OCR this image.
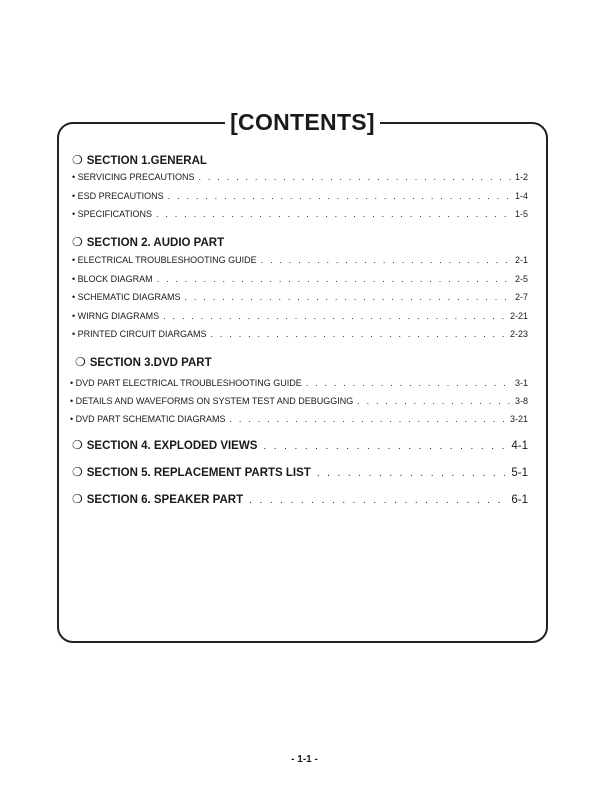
[CONTENTS]
❍ SECTION 1.GENERAL
• SERVICING PRECAUTIONS . . .	1-2
• ESD PRECAUTIONS . . .	1-4
• SPECIFICATIONS . . .	1-5
❍ SECTION 2. AUDIO PART
• ELECTRICAL TROUBLESHOOTING GUIDE . . .	2-1
• BLOCK DIAGRAM . . .	2-5
• SCHEMATIC DIAGRAMS . . .	2-7
• WIRNG DIAGRAMS . . .	2-21
• PRINTED CIRCUIT DIARGAMS . . .	2-23
❍ SECTION 3.DVD PART
• DVD PART ELECTRICAL TROUBLESHOOTING GUIDE . . .	3-1
• DETAILS AND WAVEFORMS ON SYSTEM TEST AND DEBUGGING . . .	3-8
• DVD PART SCHEMATIC DIAGRAMS . . .	3-21
❍ SECTION 4. EXPLODED VIEWS . . .	4-1
❍ SECTION 5. REPLACEMENT PARTS LIST . . .	5-1
❍ SECTION 6. SPEAKER PART . . .	6-1
- 1-1 -
